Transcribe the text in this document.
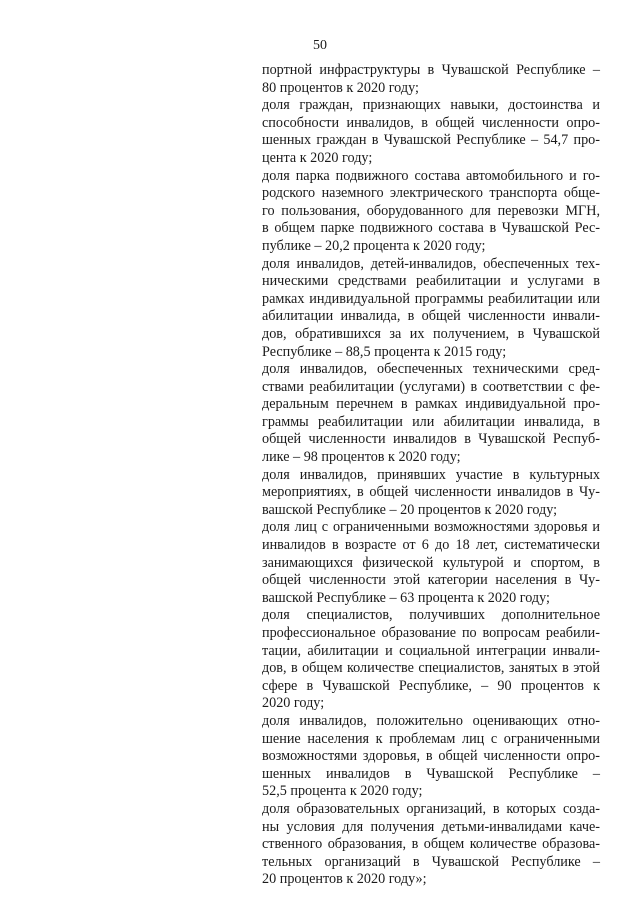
50
портной инфраструктуры в Чувашской Республике –
80 процентов к 2020 году;
доля граждан, признающих навыки, достоинства и
способности инвалидов, в общей численности опро-
шенных граждан в Чувашской Республике – 54,7 про-
цента к 2020 году;
доля парка подвижного состава автомобильного и го-
родского наземного электрического транспорта обще-
го пользования, оборудованного для перевозки МГН,
в общем парке подвижного состава в Чувашской Рес-
публике – 20,2 процента к 2020 году;
доля инвалидов, детей-инвалидов, обеспеченных тех-
ническими средствами реабилитации и услугами в
рамках индивидуальной программы реабилитации или
абилитации инвалида, в общей численности инвали-
дов, обратившихся за их получением, в Чувашской
Республике – 88,5 процента к 2015 году;
доля инвалидов, обеспеченных техническими сред-
ствами реабилитации (услугами) в соответствии с фе-
деральным перечнем в рамках индивидуальной про-
граммы реабилитации или абилитации инвалида, в
общей численности инвалидов в Чувашской Респуб-
лике – 98 процентов к 2020 году;
доля инвалидов, принявших участие в культурных
мероприятиях, в общей численности инвалидов в Чу-
вашской Республике – 20 процентов к 2020 году;
доля лиц с ограниченными возможностями здоровья и
инвалидов в возрасте от 6 до 18 лет, систематически
занимающихся физической культурой и спортом, в
общей численности этой категории населения в Чу-
вашской Республике – 63 процента к 2020 году;
доля специалистов, получивших дополнительное
профессиональное образование по вопросам реабили-
тации, абилитации и социальной интеграции инвали-
дов, в общем количестве специалистов, занятых в этой
сфере в Чувашской Республике, – 90 процентов к
2020 году;
доля инвалидов, положительно оценивающих отно-
шение населения к проблемам лиц с ограниченными
возможностями здоровья, в общей численности опро-
шенных инвалидов в Чувашской Республике –
52,5 процента к 2020 году;
доля образовательных организаций, в которых созда-
ны условия для получения детьми-инвалидами каче-
ственного образования, в общем количестве образова-
тельных организаций в Чувашской Республике –
20 процентов к 2020 году»;
